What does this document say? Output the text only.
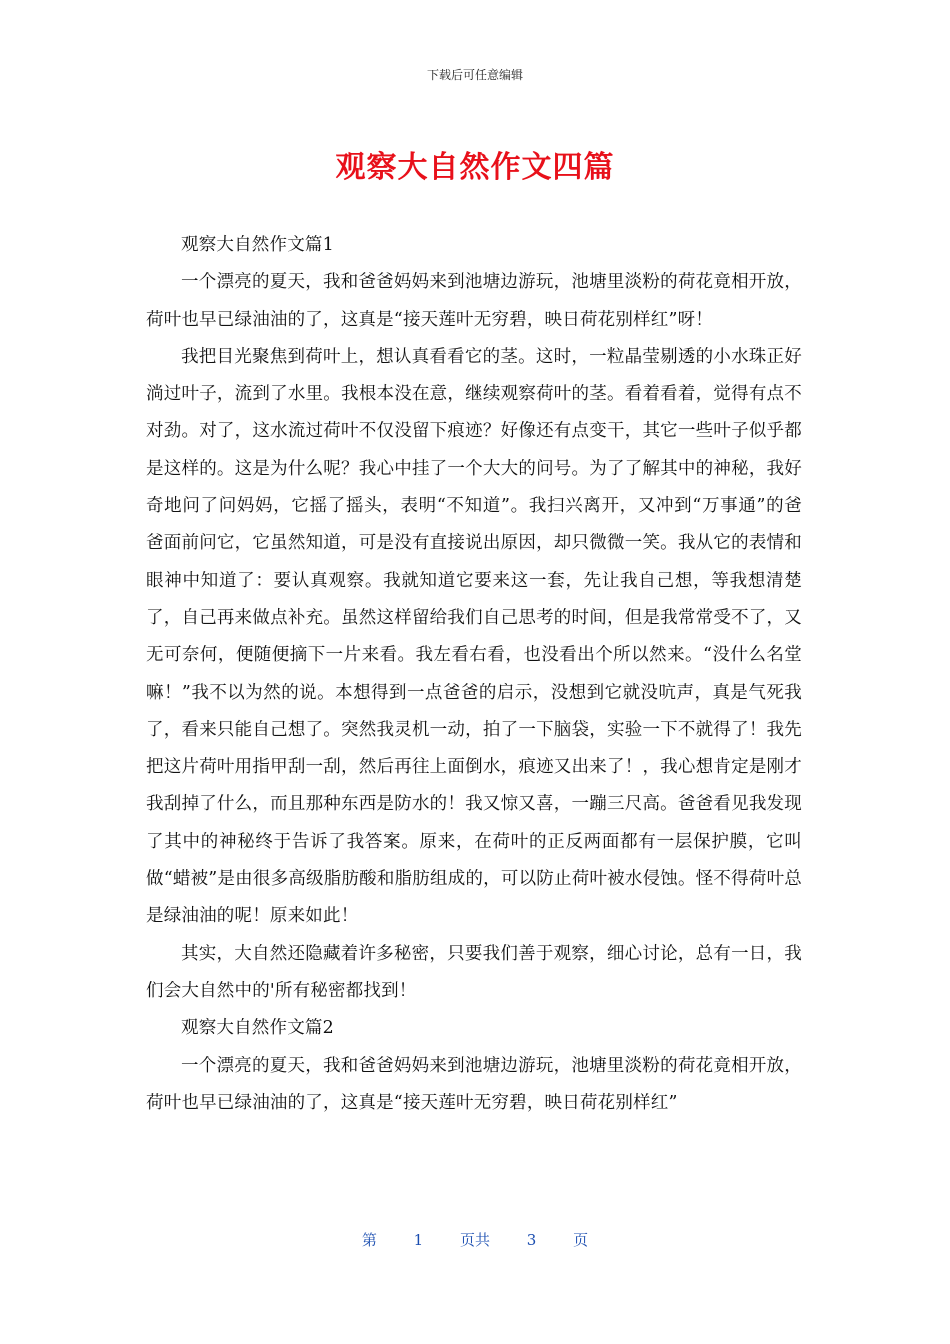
下载后可任意编辑
观察大自然作文四篇

观察大自然作文篇1

一个漂亮的夏天，我和爸爸妈妈来到池塘边游玩，池塘里淡粉的荷花竟相开放，荷叶也早已绿油油的了，这真是“接天莲叶无穷碧，映日荷花别样红”呀！

我把目光聚焦到荷叶上，想认真看看它的茎。这时，一粒晶莹剔透的小水珠正好淌过叶子，流到了水里。我根本没在意，继续观察荷叶的茎。看着看着，觉得有点不对劲。对了，这水流过荷叶不仅没留下痕迹？好像还有点变干，其它一些叶子似乎都是这样的。这是为什么呢？我心中挂了一个大大的问号。为了了解其中的神秘，我好奇地问了问妈妈，它摇了摇头，表明“不知道”。我扫兴离开，又冲到“万事通”的爸爸面前问它，它虽然知道，可是没有直接说出原因，却只微微一笑。我从它的表情和眼神中知道了：要认真观察。我就知道它要来这一套，先让我自己想，等我想清楚了，自己再来做点补充。虽然这样留给我们自己思考的时间，但是我常常受不了，又无可奈何，便随便摘下一片来看。我左看右看，也没看出个所以然来。“没什么名堂嘛！”我不以为然的说。本想得到一点爸爸的启示，没想到它就没吭声，真是气死我了，看来只能自己想了。突然我灵机一动，拍了一下脑袋，实验一下不就得了！我先把这片荷叶用指甲刮一刮，然后再往上面倒水，痕迹又出来了！，我心想肯定是刚才我刮掉了什么，而且那种东西是防水的！我又惊又喜，一蹦三尺高。爸爸看见我发现了其中的神秘终于告诉了我答案。原来，在荷叶的正反两面都有一层保护膜，它叫做“蜡被”是由很多高级脂肪酸和脂肪组成的，可以防止荷叶被水侵蚀。怪不得荷叶总是绿油油的呢！原来如此！

其实，大自然还隐藏着许多秘密，只要我们善于观察，细心讨论，总有一日，我们会大自然中的'所有秘密都找到！

观察大自然作文篇2

一个漂亮的夏天，我和爸爸妈妈来到池塘边游玩，池塘里淡粉的荷花竟相开放，荷叶也早已绿油油的了，这真是“接天莲叶无穷碧，映日荷花别样红”

第 1 页共 3 页
